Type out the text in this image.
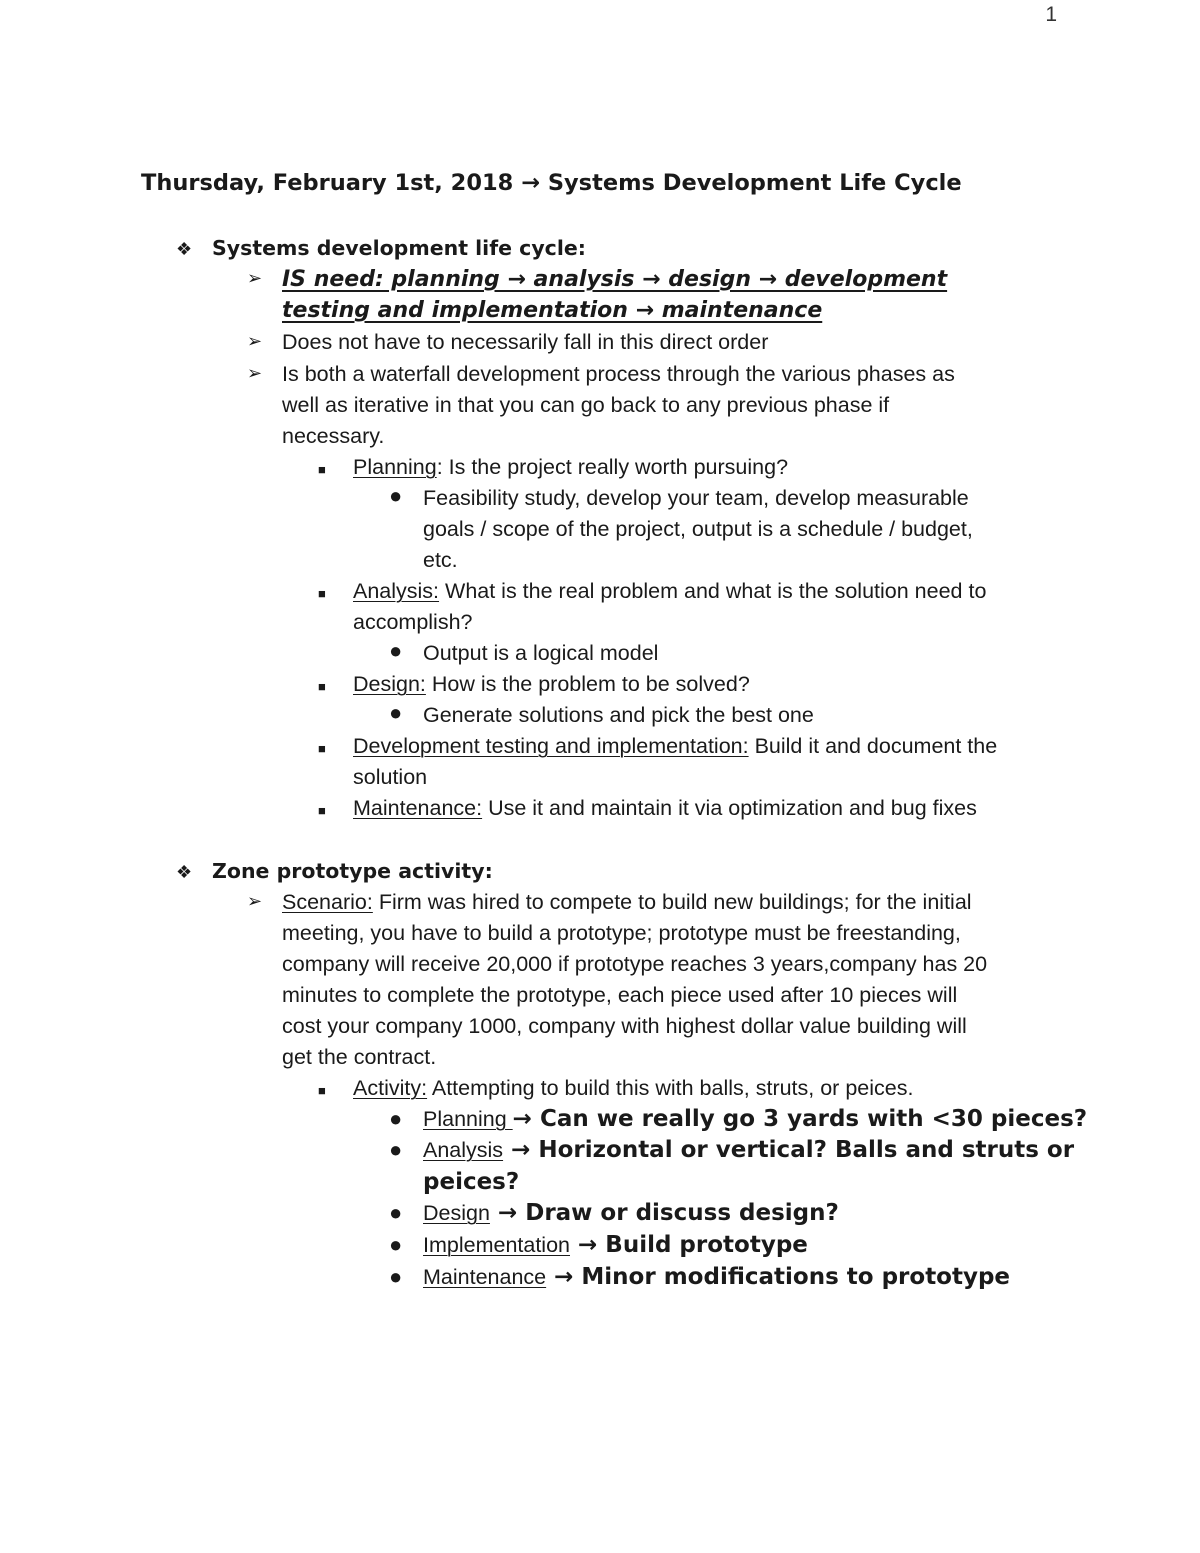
1
Thursday, February 1st, 2018 → Systems Development Life Cycle
❖ Systems development life cycle:
➢ IS need: planning → analysis → design → development
testing and implementation → maintenance
➢ Does not have to necessarily fall in this direct order
➢ Is both a waterfall development process through the various phases as
well as iterative in that you can go back to any previous phase if
necessary.
■ Planning: Is the project really worth pursuing?
● Feasibility study, develop your team, develop measurable
goals / scope of the project, output is a schedule / budget,
etc.
■ Analysis: What is the real problem and what is the solution need to
accomplish?
● Output is a logical model
■ Design: How is the problem to be solved?
● Generate solutions and pick the best one
■ Development testing and implementation: Build it and document the
solution
■ Maintenance: Use it and maintain it via optimization and bug fixes
❖ Zone prototype activity:
➢ Scenario: Firm was hired to compete to build new buildings; for the initial
meeting, you have to build a prototype; prototype must be freestanding,
company will receive 20,000 if prototype reaches 3 years,company has 20
minutes to complete the prototype, each piece used after 10 pieces will
cost your company 1000, company with highest dollar value building will
get the contract.
■ Activity: Attempting to build this with balls, struts, or peices.
● Planning → Can we really go 3 yards with <30 pieces?
● Analysis → Horizontal or vertical? Balls and struts or
peices?
● Design → Draw or discuss design?
● Implementation → Build prototype
● Maintenance → Minor modifications to prototype
